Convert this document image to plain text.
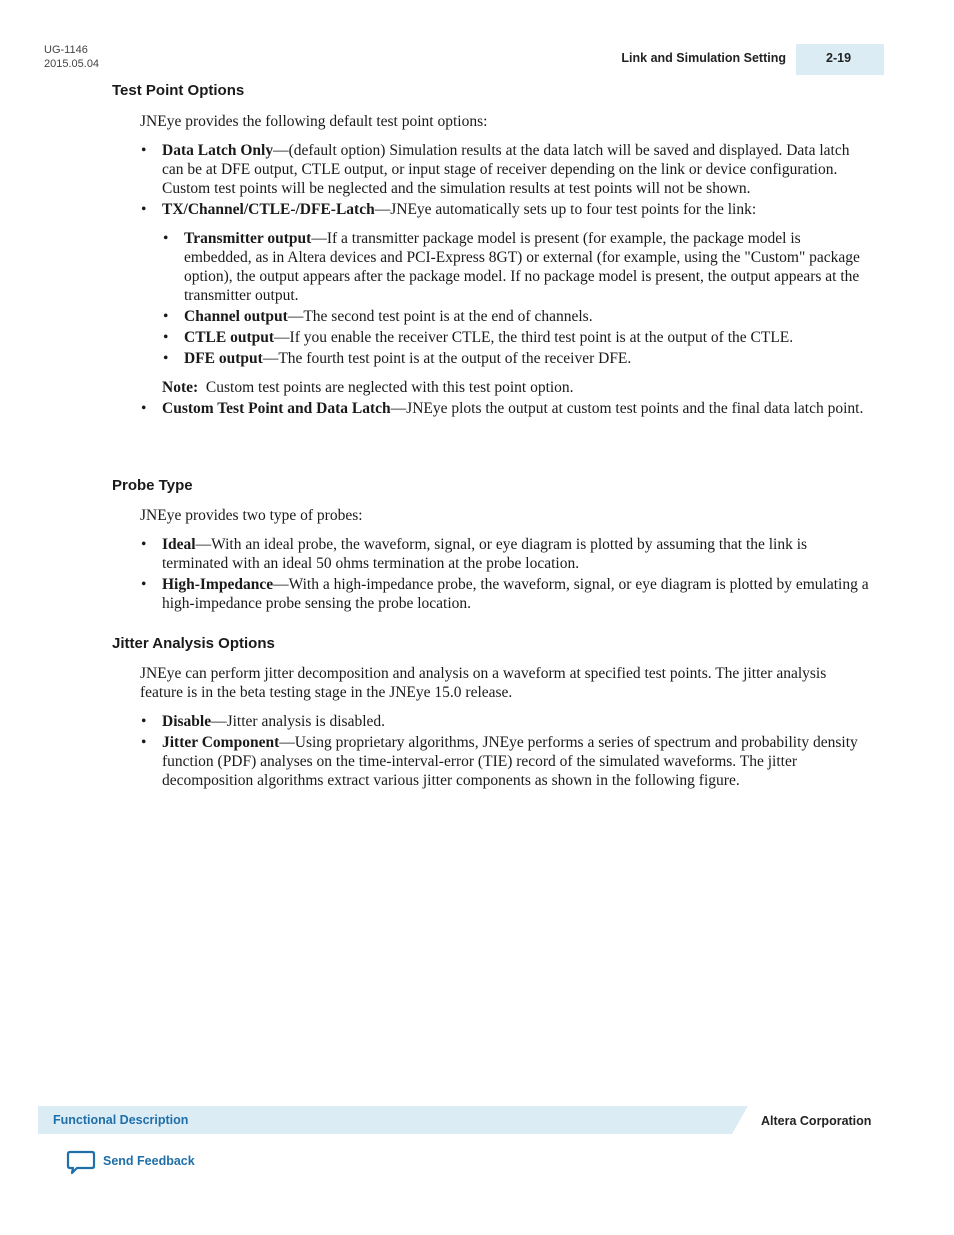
UG-1146
2015.05.04	Link and Simulation Setting	2-19
Test Point Options

JNEye provides the following default test point options:

• Data Latch Only—(default option) Simulation results at the data latch will be saved and displayed. Data latch can be at DFE output, CTLE output, or input stage of receiver depending on the link or device configuration. Custom test points will be neglected and the simulation results at test points will not be shown.
• TX/Channel/CTLE-/DFE-Latch—JNEye automatically sets up to four test points for the link:
• Transmitter output—If a transmitter package model is present (for example, the package model is embedded, as in Altera devices and PCI-Express 8GT) or external (for example, using the "Custom" package option), the output appears after the package model. If no package model is present, the output appears at the transmitter output.
• Channel output—The second test point is at the end of channels.
• CTLE output—If you enable the receiver CTLE, the third test point is at the output of the CTLE.
• DFE output—The fourth test point is at the output of the receiver DFE.
Note: Custom test points are neglected with this test point option.
• Custom Test Point and Data Latch—JNEye plots the output at custom test points and the final data latch point.
Probe Type

JNEye provides two type of probes:

• Ideal—With an ideal probe, the waveform, signal, or eye diagram is plotted by assuming that the link is terminated with an ideal 50 ohms termination at the probe location.
• High-Impedance—With a high-impedance probe, the waveform, signal, or eye diagram is plotted by emulating a high-impedance probe sensing the probe location.
Jitter Analysis Options

JNEye can perform jitter decomposition and analysis on a waveform at specified test points. The jitter analysis feature is in the beta testing stage in the JNEye 15.0 release.

• Disable—Jitter analysis is disabled.
• Jitter Component—Using proprietary algorithms, JNEye performs a series of spectrum and probability density function (PDF) analyses on the time-interval-error (TIE) record of the simulated waveforms. The jitter decomposition algorithms extract various jitter components as shown in the following figure.
Functional Description	Altera Corporation
Send Feedback
